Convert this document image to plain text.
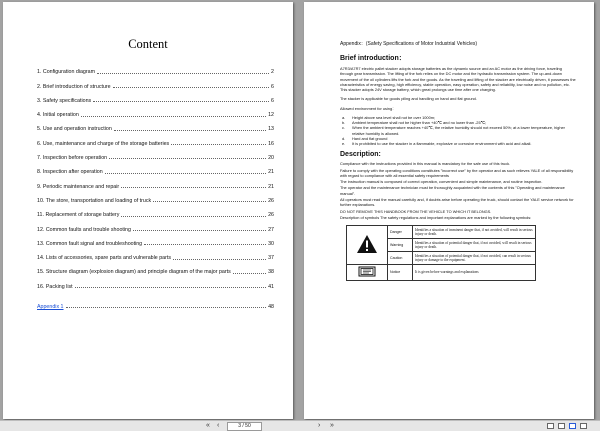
Content
1. Configuration diagram	2
2. Brief introduction of structure	6
3. Safety specifications	6
4. Initial operation	12
5. Use and operation instruction	13
6. Use, maintenance and charge of the storage batteries	16
7. Inspection before operation	20
8. Inspection after operation	21
9. Periodic maintenance and repair	21
10. The store, transportation and loading of truck	26
11. Replacement of storage battery	26
12. Common faults and trouble shooting	27
13. Common fault signal and troubleshooting	30
14. Lists of accessories, spare parts and vulnerable parts	37
15. Structure diagram (explosion diagram) and principle diagram of the major parts	38
16. Packing list	41
Appendix 1	48
Appendix：(Safety Specifications of Motor Industrial Vehicles)
Brief introduction：
A7R3/A7R7 electric pallet stacker adopts storage batteries as the dynamic source and an AC motor as the driving force, traveling through gear transmission. The lifting of the fork relies on the DC motor and the hydraulic transmission system. The up-and-down movement of the oil cylinders lifts the fork and the goods. As the traveling and lifting of the stacker are electrically driven, it possesses the characteristics of energy saving, high efficiency, stable operation, easy operation, safety and reliability, low noise and no pollution, etc. This stacker adopts 24V storage battery, which great prolongs use time after one charging.
The stacker is applicable for goods piling and handling on hand and flat ground.
Allowed environment for using：
a.	Height above sea level shall not be over 1000m;
b.	Ambient temperature shall not be higher than +40℃ and no lower than -25℃;
c.	When the ambient temperature reaches +40℃, the relative humidity should not exceed 50%; at a lower temperature, higher relative humidity is allowed.
d.	Hard and flat ground
e.	It is prohibited to use the stacker in a flammable, explosive or corrosive environment with acid and alkali.
Description:
Compliance with the instructions provided in this manual is mandatory for the safe use of this truck.
Failure to comply with the operating conditions constitutes "incorrect use" by the operator and as such relieves YALE of all responsibility with regard to compliance with all essential safety requirements
The instruction manual is composed of correct operation, convenient and simple maintenance, and routine inspection.
The operator and the maintenance technician must be thoroughly acquainted with the contents of this "Operating and maintenance manual".
All operators must read the manual carefully and, if doubts arise before operating the truck, should contact the YALE service network for further explanations.
DO NOT REMOVE THIS HANDBOOK FROM THE VEHICLE TO WHICH IT BELONGS.
Description of symbols The safety regulations and important explanations are marked by the following symbols:
	Danger	Identifies a situation of imminent danger that, if not avoided, will result in serious injury or death.
	Warning	Identifies a situation of potential danger that, if not avoided, will result in serious injury or death.
	Caution	Identifies a situation of potential danger that, if not avoided, can result in serious injury or damage to the equipment.
	Notice	It is given before warnings and explanations
« ‹	3 / 50	› »
